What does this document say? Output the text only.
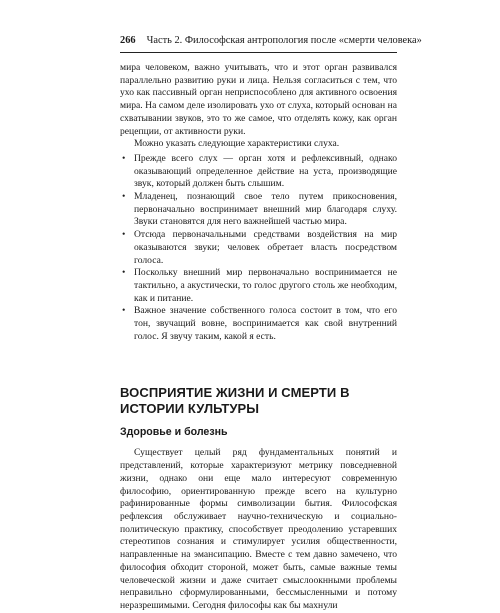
266 Часть 2. Философская антропология после «смерти человека»

мира человеком, важно учитывать, что и этот орган развивался параллельно развитию руки и лица. Нельзя согласиться с тем, что ухо как пассивный орган неприспособлено для активного освоения мира. На самом деле изолировать ухо от слуха, который основан на схватывании звуков, это то же самое, что отделять кожу, как орган рецепции, от активности руки.

Можно указать следующие характеристики слуха.

• Прежде всего слух — орган хотя и рефлексивный, однако оказывающий определенное действие на уста, производящие звук, который должен быть слышим.
• Младенец, познающий свое тело путем прикосновения, первоначально воспринимает внешний мир благодаря слуху. Звуки становятся для него важнейшей частью мира.
• Отсюда первоначальными средствами воздействия на мир оказываются звуки; человек обретает власть посредством голоса.
• Поскольку внешний мир первоначально воспринимается не тактильно, а акустически, то голос другого столь же необходим, как и питание.
• Важное значение собственного голоса состоит в том, что его тон, звучащий вовне, воспринимается как свой внутренний голос. Я звучу таким, какой я есть.
ВОСПРИЯТИЕ ЖИЗНИ И СМЕРТИ В ИСТОРИИ КУЛЬТУРЫ
Здоровье и болезнь

Существует целый ряд фундаментальных понятий и представлений, которые характеризуют метрику повседневной жизни, однако они еще мало интересуют современную философию, ориентированную прежде всего на культурно рафинированные формы символизации бытия. Философская рефлексия обслуживает научно-техническую и социально-политическую практику, способствует преодолению устаревших стереотипов сознания и стимулирует усилия общественности, направленные на эмансипацию. Вместе с тем давно замечено, что философия обходит стороной, может быть, самые важные темы человеческой жизни и даже считает смыслоокнными проблемы неправильно сформулированными, бессмысленными и потому неразрешимыми. Сегодня философы как бы махнули
